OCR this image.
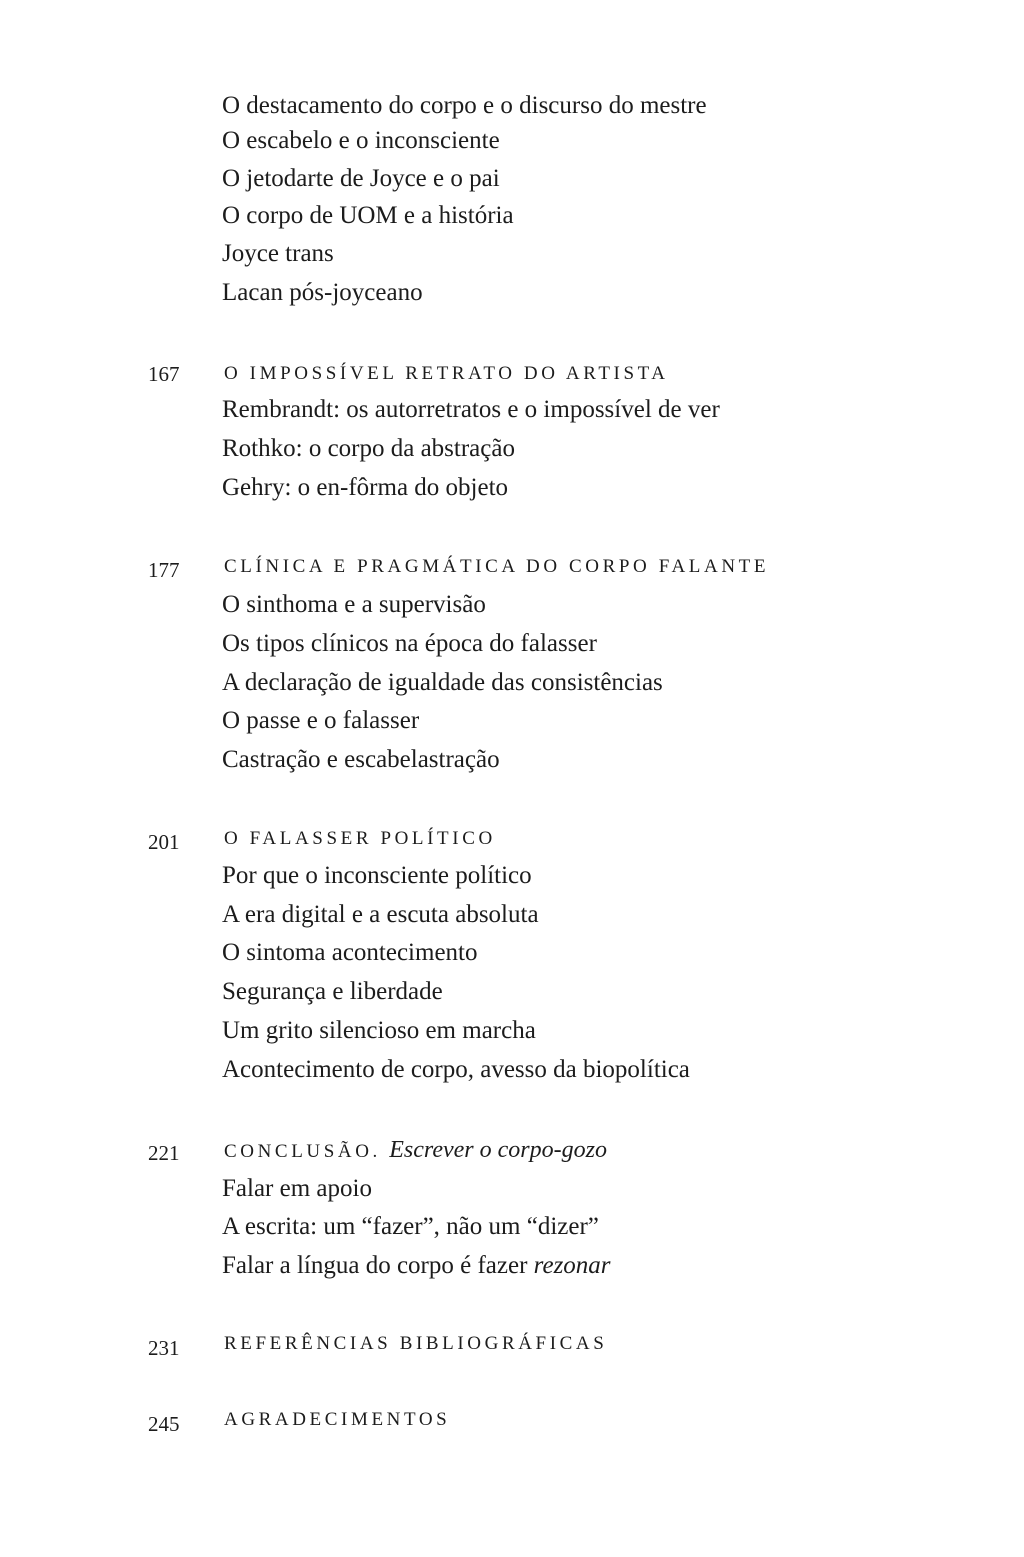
O destacamento do corpo e o discurso do mestre
O escabelo e o inconsciente
O jetodarte de Joyce e o pai
O corpo de UOM e a história
Joyce trans
Lacan pós-joyceano
167 O IMPOSSÍVEL RETRATO DO ARTISTA
Rembrandt: os autorretratos e o impossível de ver
Rothko: o corpo da abstração
Gehry: o en-fôrma do objeto
177 CLÍNICA E PRAGMÁTICA DO CORPO FALANTE
O sinthoma e a supervisão
Os tipos clínicos na época do falasser
A declaração de igualdade das consistências
O passe e o falasser
Castração e escabelastração
201 O FALASSER POLÍTICO
Por que o inconsciente político
A era digital e a escuta absoluta
O sintoma acontecimento
Segurança e liberdade
Um grito silencioso em marcha
Acontecimento de corpo, avesso da biopolítica
221 CONCLUSÃO. Escrever o corpo-gozo
Falar em apoio
A escrita: um “fazer”, não um “dizer”
Falar a língua do corpo é fazer rezonar
231 REFERÊNCIAS BIBLIOGRÁFICAS
245 AGRADECIMENTOS
